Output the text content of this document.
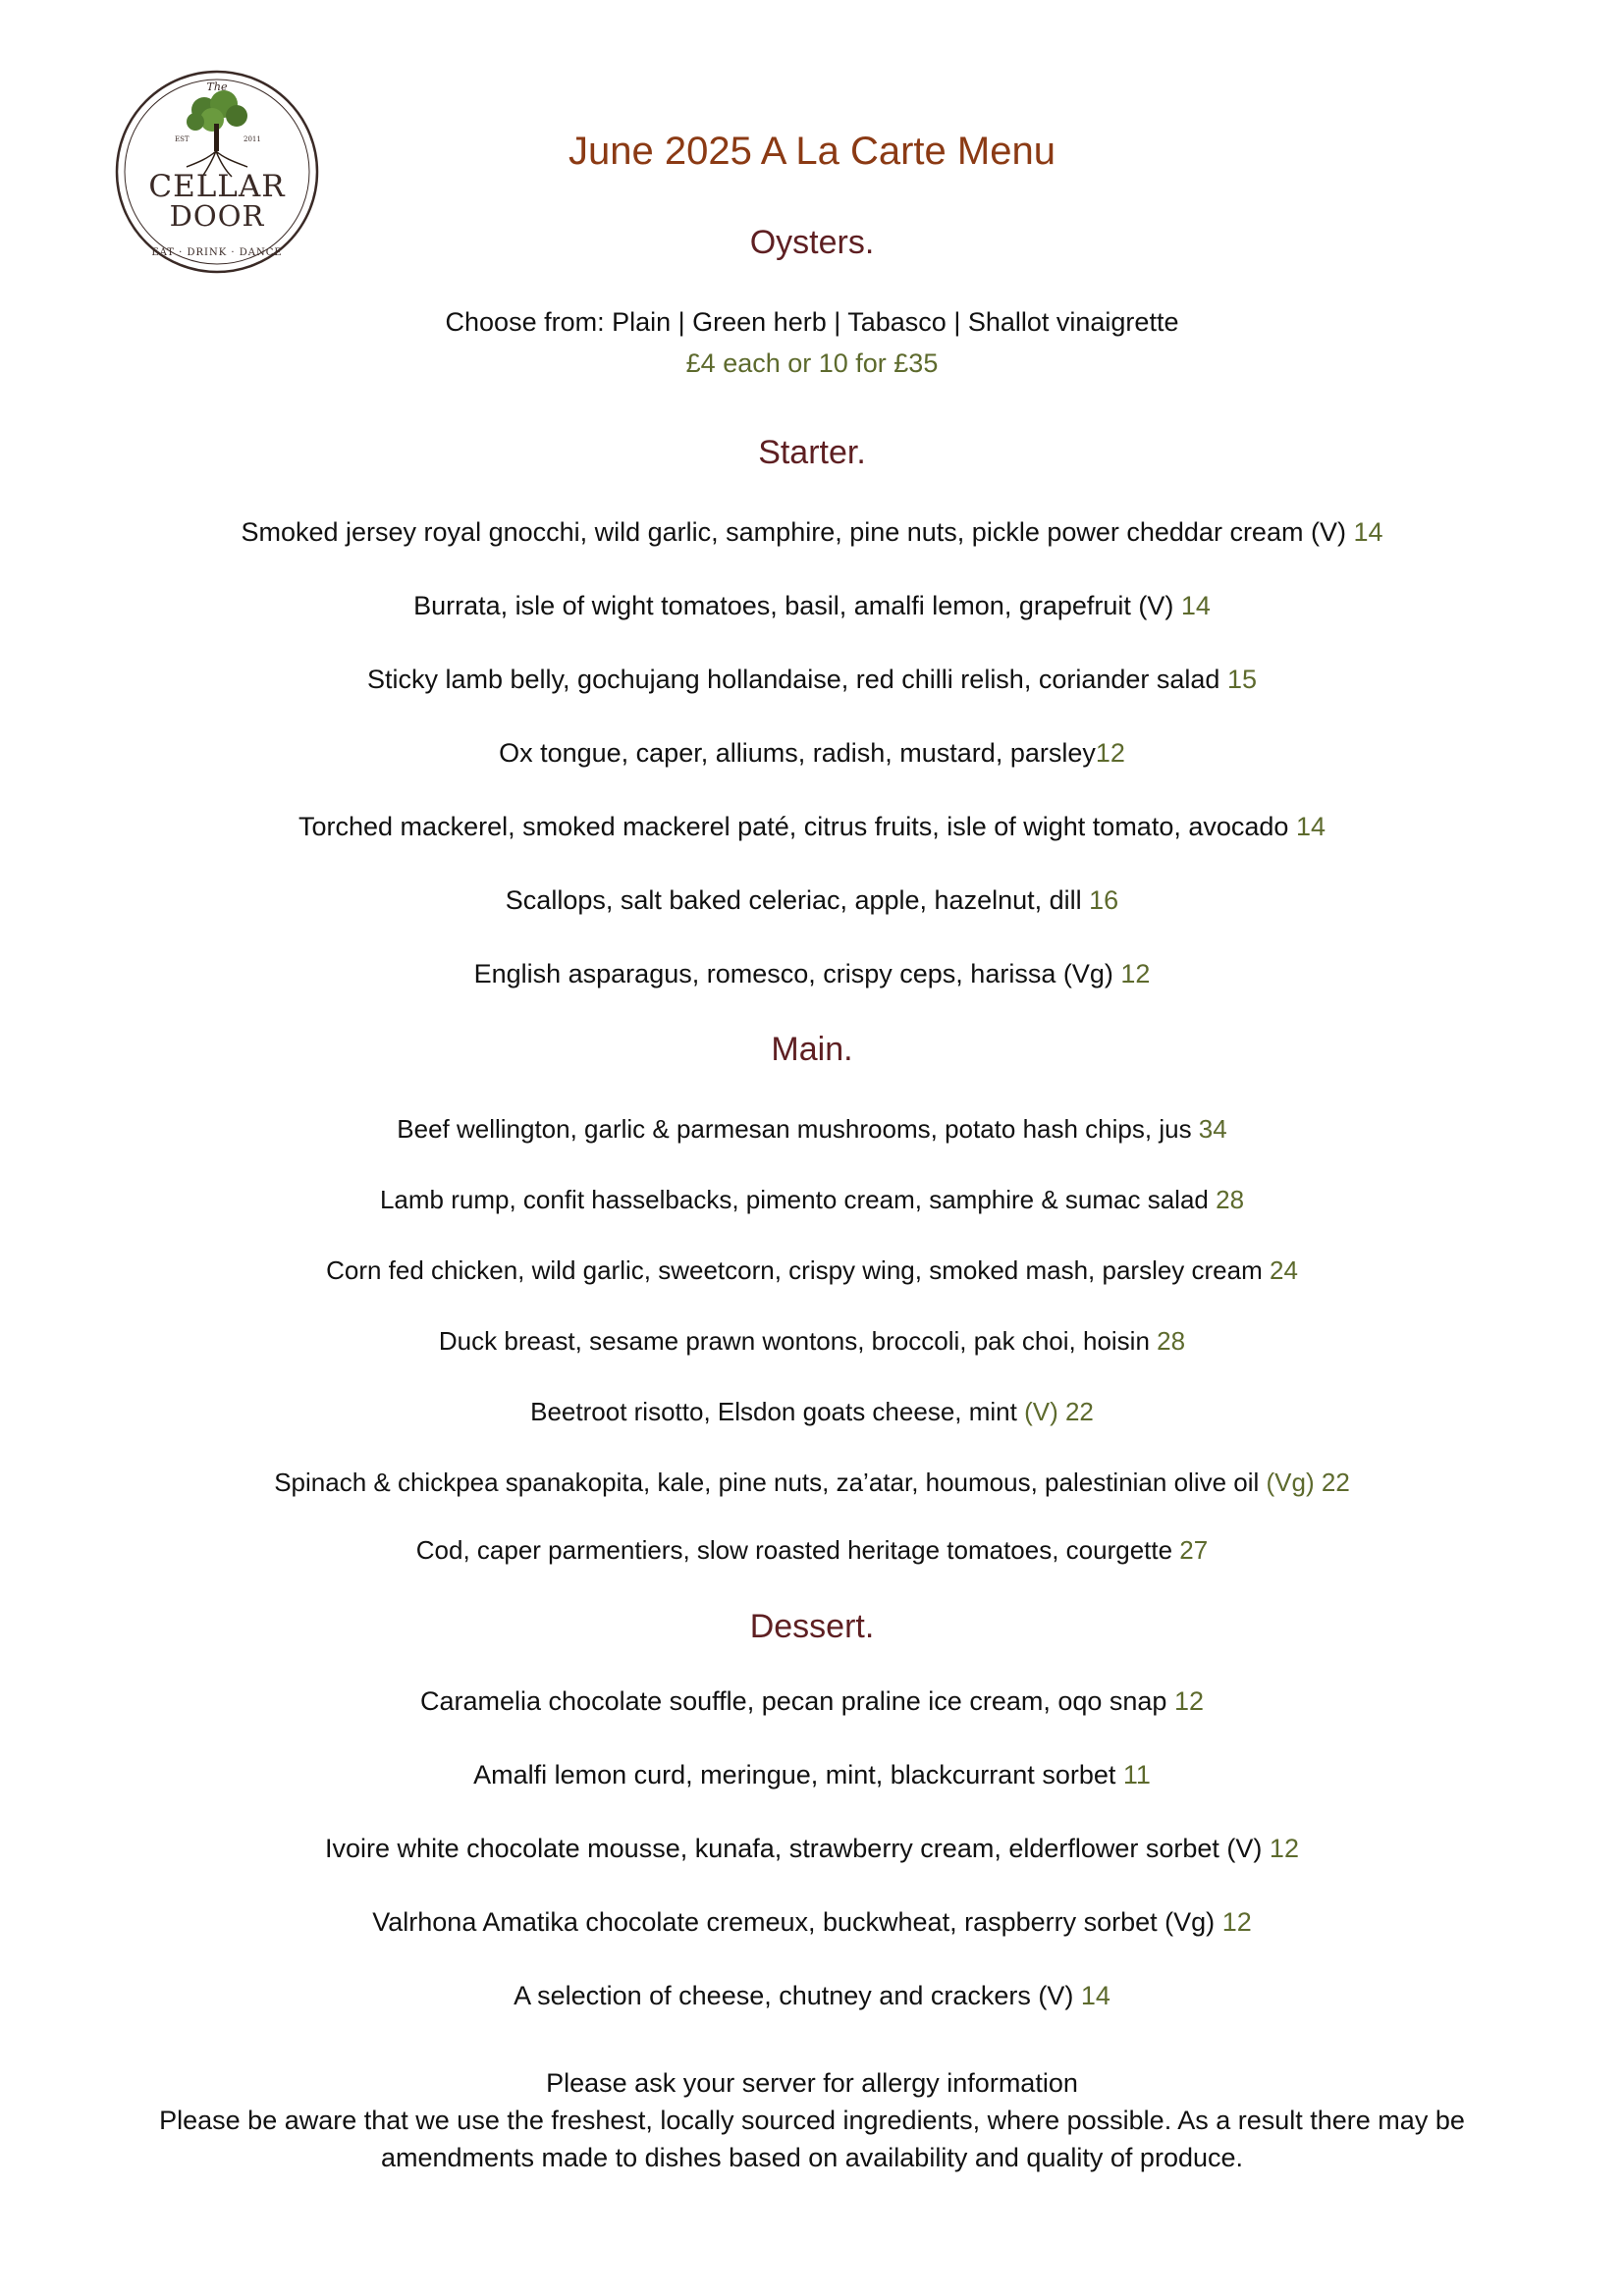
EST	2011
The
CELLAR
DOOR
EAT · DRINK · DANCE
June 2025 A La Carte Menu
Oysters.
Choose from: Plain | Green herb | Tabasco | Shallot vinaigrette
£4 each or 10 for £35
Starter.
Smoked jersey royal gnocchi, wild garlic, samphire, pine nuts, pickle power cheddar cream (V) 14
Burrata, isle of wight tomatoes, basil, amalfi lemon, grapefruit (V) 14
Sticky lamb belly, gochujang hollandaise, red chilli relish, coriander salad 15
Ox tongue, caper, alliums, radish, mustard, parsley12
Torched mackerel, smoked mackerel paté, citrus fruits, isle of wight tomato, avocado 14
Scallops, salt baked celeriac, apple, hazelnut, dill 16
English asparagus, romesco, crispy ceps, harissa (Vg) 12
Main.
Beef wellington, garlic & parmesan mushrooms, potato hash chips, jus 34
Lamb rump, confit hasselbacks, pimento cream, samphire & sumac salad 28
Corn fed chicken, wild garlic, sweetcorn, crispy wing, smoked mash, parsley cream 24
Duck breast, sesame prawn wontons, broccoli, pak choi, hoisin 28
Beetroot risotto, Elsdon goats cheese, mint (V) 22
Spinach & chickpea spanakopita, kale, pine nuts, za’atar, houmous, palestinian olive oil (Vg) 22
Cod, caper parmentiers, slow roasted heritage tomatoes, courgette 27
Dessert.
Caramelia chocolate souffle, pecan praline ice cream, oqo snap 12
Amalfi lemon curd, meringue, mint, blackcurrant sorbet 11
Ivoire white chocolate mousse, kunafa, strawberry cream, elderflower sorbet (V) 12
Valrhona Amatika chocolate cremeux, buckwheat, raspberry sorbet (Vg) 12
A selection of cheese, chutney and crackers (V) 14
Please ask your server for allergy information
Please be aware that we use the freshest, locally sourced ingredients, where possible. As a result there may be
amendments made to dishes based on availability and quality of produce.
